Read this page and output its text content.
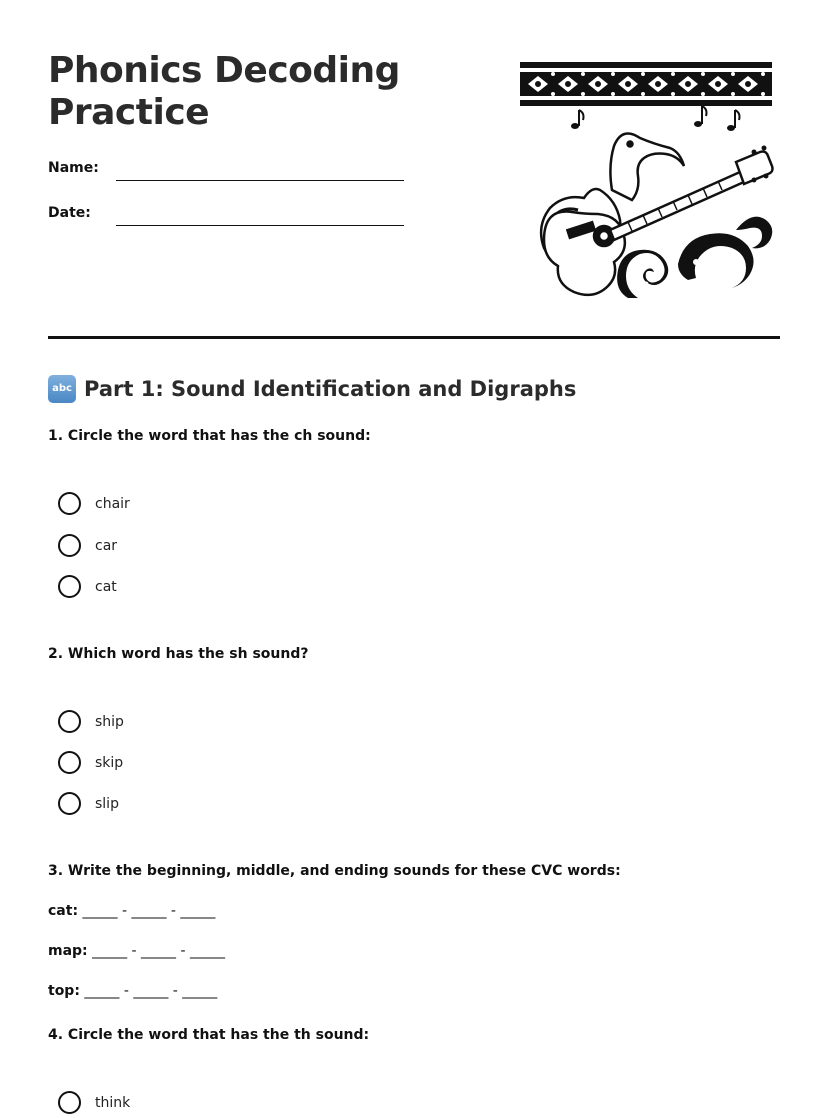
Phonics Decoding
Practice
Name:
Date:
abc Part 1: Sound Identification and Digraphs
1. Circle the word that has the ch sound:
chair
car
cat
2. Which word has the sh sound?
ship
skip
slip
3. Write the beginning, middle, and ending sounds for these CVC words:
cat: _____ - _____ - _____
map: _____ - _____ - _____
top: _____ - _____ - _____
4. Circle the word that has the th sound:
think
